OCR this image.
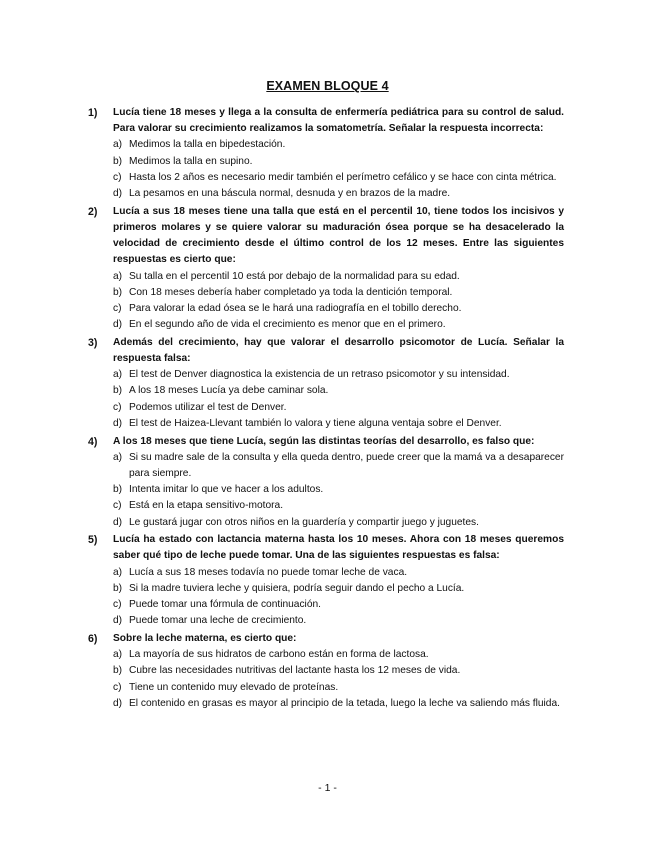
EXAMEN BLOQUE 4
1) Lucía tiene 18 meses y llega a la consulta de enfermería pediátrica para su control de salud. Para valorar su crecimiento realizamos la somatometría. Señalar la respuesta incorrecta:
a) Medimos la talla en bipedestación.
b) Medimos la talla en supino.
c) Hasta los 2 años es necesario medir también el perímetro cefálico y se hace con cinta métrica.
d) La pesamos en una báscula normal, desnuda y en brazos de la madre.
2) Lucía a sus 18 meses tiene una talla que está en el percentil 10, tiene todos los incisivos y primeros molares y se quiere valorar su maduración ósea porque se ha desacelerado la velocidad de crecimiento desde el último control de los 12 meses. Entre las siguientes respuestas es cierto que:
a) Su talla en el percentil 10 está por debajo de la normalidad para su edad.
b) Con 18 meses debería haber completado ya toda la dentición temporal.
c) Para valorar la edad ósea se le hará una radiografía en el tobillo derecho.
d) En el segundo año de vida el crecimiento es menor que en el primero.
3) Además del crecimiento, hay que valorar el desarrollo psicomotor de Lucía. Señalar la respuesta falsa:
a) El test de Denver diagnostica la existencia de un retraso psicomotor y su intensidad.
b) A los 18 meses Lucía ya debe caminar sola.
c) Podemos utilizar el test de Denver.
d) El test de Haizea-Llevant también lo valora y tiene alguna ventaja sobre el Denver.
4) A los 18 meses que tiene Lucía, según las distintas teorías del desarrollo, es falso que:
a) Si su madre sale de la consulta y ella queda dentro, puede creer que la mamá va a desaparecer para siempre.
b) Intenta imitar lo que ve hacer a los adultos.
c) Está en la etapa sensitivo-motora.
d) Le gustará jugar con otros niños en la guardería y compartir juego y juguetes.
5) Lucía ha estado con lactancia materna hasta los 10 meses. Ahora con 18 meses queremos saber qué tipo de leche puede tomar. Una de las siguientes respuestas es falsa:
a) Lucía a sus 18 meses todavía no puede tomar leche de vaca.
b) Si la madre tuviera leche y quisiera, podría seguir dando el pecho a Lucía.
c) Puede tomar una fórmula de continuación.
d) Puede tomar una leche de crecimiento.
6) Sobre la leche materna, es cierto que:
a) La mayoría de sus hidratos de carbono están en forma de lactosa.
b) Cubre las necesidades nutritivas del lactante hasta los 12 meses de vida.
c) Tiene un contenido muy elevado de proteínas.
d) El contenido en grasas es mayor al principio de la tetada, luego la leche va saliendo más fluida.
- 1 -
